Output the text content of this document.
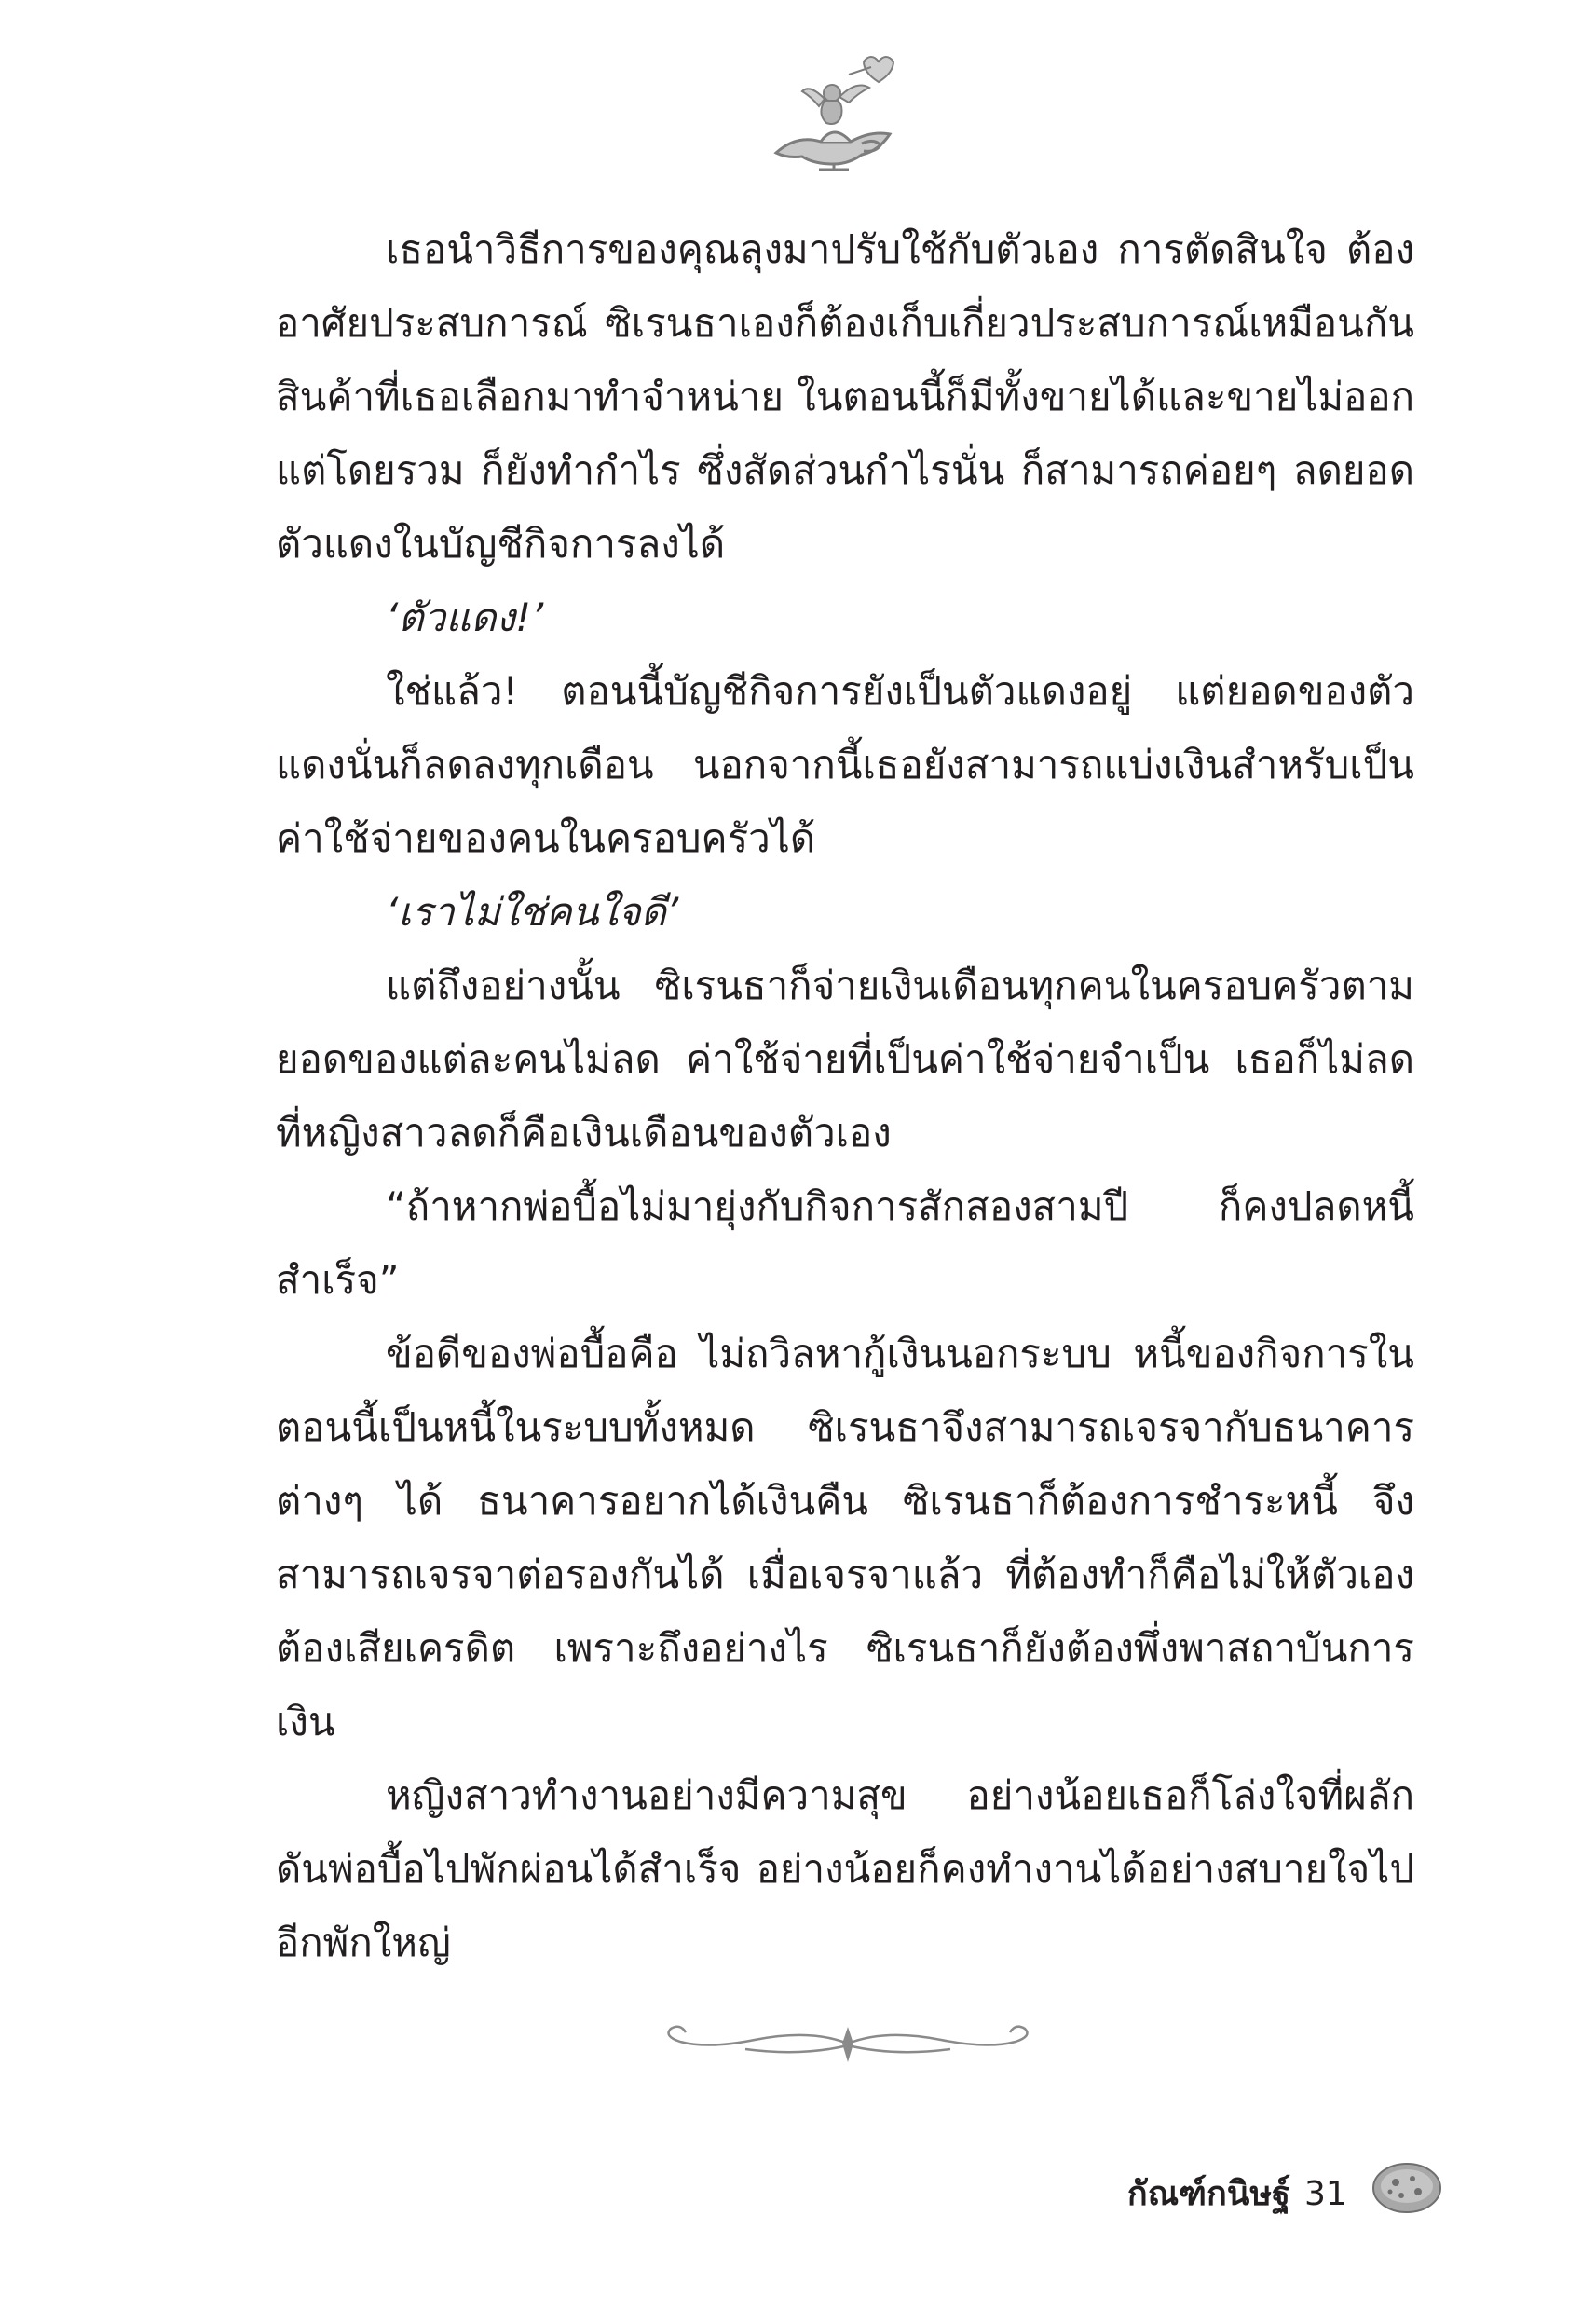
เธอนำวิธีการของคุณลุงมาปรับใช้กับตัวเอง การตัดสินใจ ต้องอาศัยประสบการณ์ ซิเรนธาเองก็ต้องเก็บเกี่ยวประสบการณ์เหมือนกัน สินค้าที่เธอเลือกมาทำจำหน่าย ในตอนนี้ก็มีทั้งขายได้และขายไม่ออก แต่โดยรวม ก็ยังทำกำไร ซึ่งสัดส่วนกำไรนั่น ก็สามารถค่อยๆ ลดยอดตัวแดงในบัญชีกิจการลงได้

‘ตัวแดง!’

ใช่แล้ว! ตอนนี้บัญชีกิจการยังเป็นตัวแดงอยู่ แต่ยอดของตัวแดงนั่นก็ลดลงทุกเดือน นอกจากนี้เธอยังสามารถแบ่งเงินสำหรับเป็นค่าใช้จ่ายของคนในครอบครัวได้

‘เราไม่ใช่คนใจดี’

แต่ถึงอย่างนั้น ซิเรนธาก็จ่ายเงินเดือนทุกคนในครอบครัวตามยอดของแต่ละคนไม่ลด ค่าใช้จ่ายที่เป็นค่าใช้จ่ายจำเป็น เธอก็ไม่ลด ที่หญิงสาวลดก็คือเงินเดือนของตัวเอง

“ถ้าหากพ่อบื้อไม่มายุ่งกับกิจการสักสองสามปี ก็คงปลดหนี้สำเร็จ”

ข้อดีของพ่อบื้อคือ ไม่ถวิลหากู้เงินนอกระบบ หนี้ของกิจการในตอนนี้เป็นหนี้ในระบบทั้งหมด ซิเรนธาจึงสามารถเจรจากับธนาคารต่างๆ ได้ ธนาคารอยากได้เงินคืน ซิเรนธาก็ต้องการชำระหนี้ จึงสามารถเจรจาต่อรองกันได้ เมื่อเจรจาแล้ว ที่ต้องทำก็คือไม่ให้ตัวเองต้องเสียเครดิต เพราะถึงอย่างไร ซิเรนธาก็ยังต้องพึ่งพาสถาบันการเงิน

หญิงสาวทำงานอย่างมีความสุข อย่างน้อยเธอก็โล่งใจที่ผลักดันพ่อบื้อไปพักผ่อนได้สำเร็จ อย่างน้อยก็คงทำงานได้อย่างสบายใจไปอีกพักใหญ่

กัณฑ์กนิษฐ์ 31
